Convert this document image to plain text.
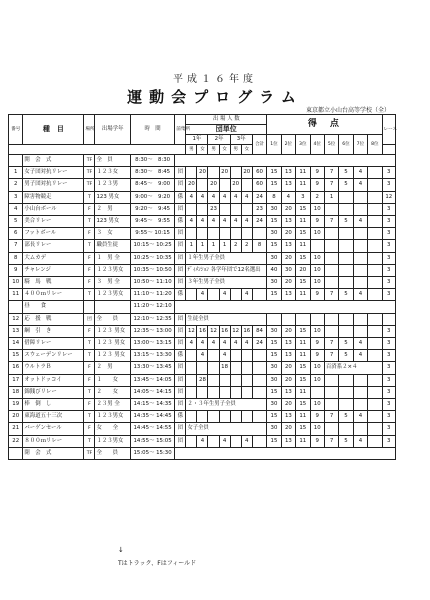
平成１６年度
運動会プログラム
東京都立小山台高等学校（全）
番号	種　目	場所	出場学年	時　間	前集所	出 場 人 数							得　点								レース
						団単位															
						1年		2年		3年		合計	1位	2位	3位	4位	5位	6位	7位	8位	
						男	女	男	女	男	女										
	開　会　式	TF	全　員	8:30〜　8:30																	
1	女子団対抗リレー	TF	１２３女	8:30〜　8:45	団		20		20		20	60	15	13	11	9	7	5	4		3
2	男子団対抗リレー	TF	１２３男	8:45〜　9:00	団	20		20		20		60	15	13	11	9	7	5	4		3
3	障害物競走	T	123 男女	9:00〜　9:20	係	4	4	4	4	4	4	24	8	4	3	2	1				12
4	小山台ボール	F	２　男	9:20〜　9:45	団			23				23	30	20	15	10					3
5	美合リレー	T	123 男女	9:45〜　9:55	係	4	4	4	4	4	4	24	15	13	11	9	7	5	4		3
6	フットボール	F	３　女	9:55〜 10:15	団								30	20	15	10					3
7	部長リレー	T	職員生徒	10:15〜 10:25	団	1	1	1	1	2	2	8	15	13	11						3
8	大ムカデ	F	１　男 全	10:25〜 10:35	団	１年生男子全員							30	20	15	10					3
9	チャレンジ	F	１２３男女	10:35〜 10:50	団	ﾃﾞｨﾒﾝｼｮﾝ 各学年団で12名選出							40	30	20	10					3
10	騎　馬　戦	F	３　男 全	10:50〜 11:10	団	３年生男子全員							30	20	15	10					3
11	４００ｍリレー	T	１２３男女	11:10〜 11:20	係		4		4		4		15	13	11	9	7	5	4		3
	昼　　食			11:20〜 12:10																	
12	応　援　戦	団	全　　員	12:10〜 12:35	団	生徒全員															
13	綱　引　き	F	１２３ 男女	12:35〜 13:00	団	12	16	12	16	12	16	84	30	20	15	10					3
14	借障リレー	T	１２３ 男女	13:00〜 13:15	団	4	4	4	4	4	4	24	15	13	11	9	7	5	4		3
15	スウェーデンリレー	T	１２３ 男女	13:15〜 13:30	係		4		4				15	13	11	9	7	5	4		3
16	ウルトラＢ	F	２　男	13:30〜 13:45	団				18				30	20	15	10	百済系２×４				3
17	オットドッコイ	F	１　　女	13:45〜 14:05	団		28						30	20	15	10					3
18	錦銭びリレー	T	２　　女	14:05〜 14:15	団								15	13	11						3
19	棒　倒　し	F	２３男 全	14:15〜 14:35	団	２・３年生男子全員							30	20	15	10					3
20	東海道五十三次	T	１２３男女	14:35〜 14:45	係								15	13	11	9	7	5	4		3
21	バーゲンセール	F	女　　全	14:45〜 14:55	団	女子全員							30	20	15	10					3
22	８００ｍリレー	T	１２３男女	14:55〜 15:05	団		4		4		4		15	13	11	9	7	5	4		3
	閉　会　式	TF	全　　員	15:05〜 15:30																	
↓
Tはトラック、Fはフィールド
